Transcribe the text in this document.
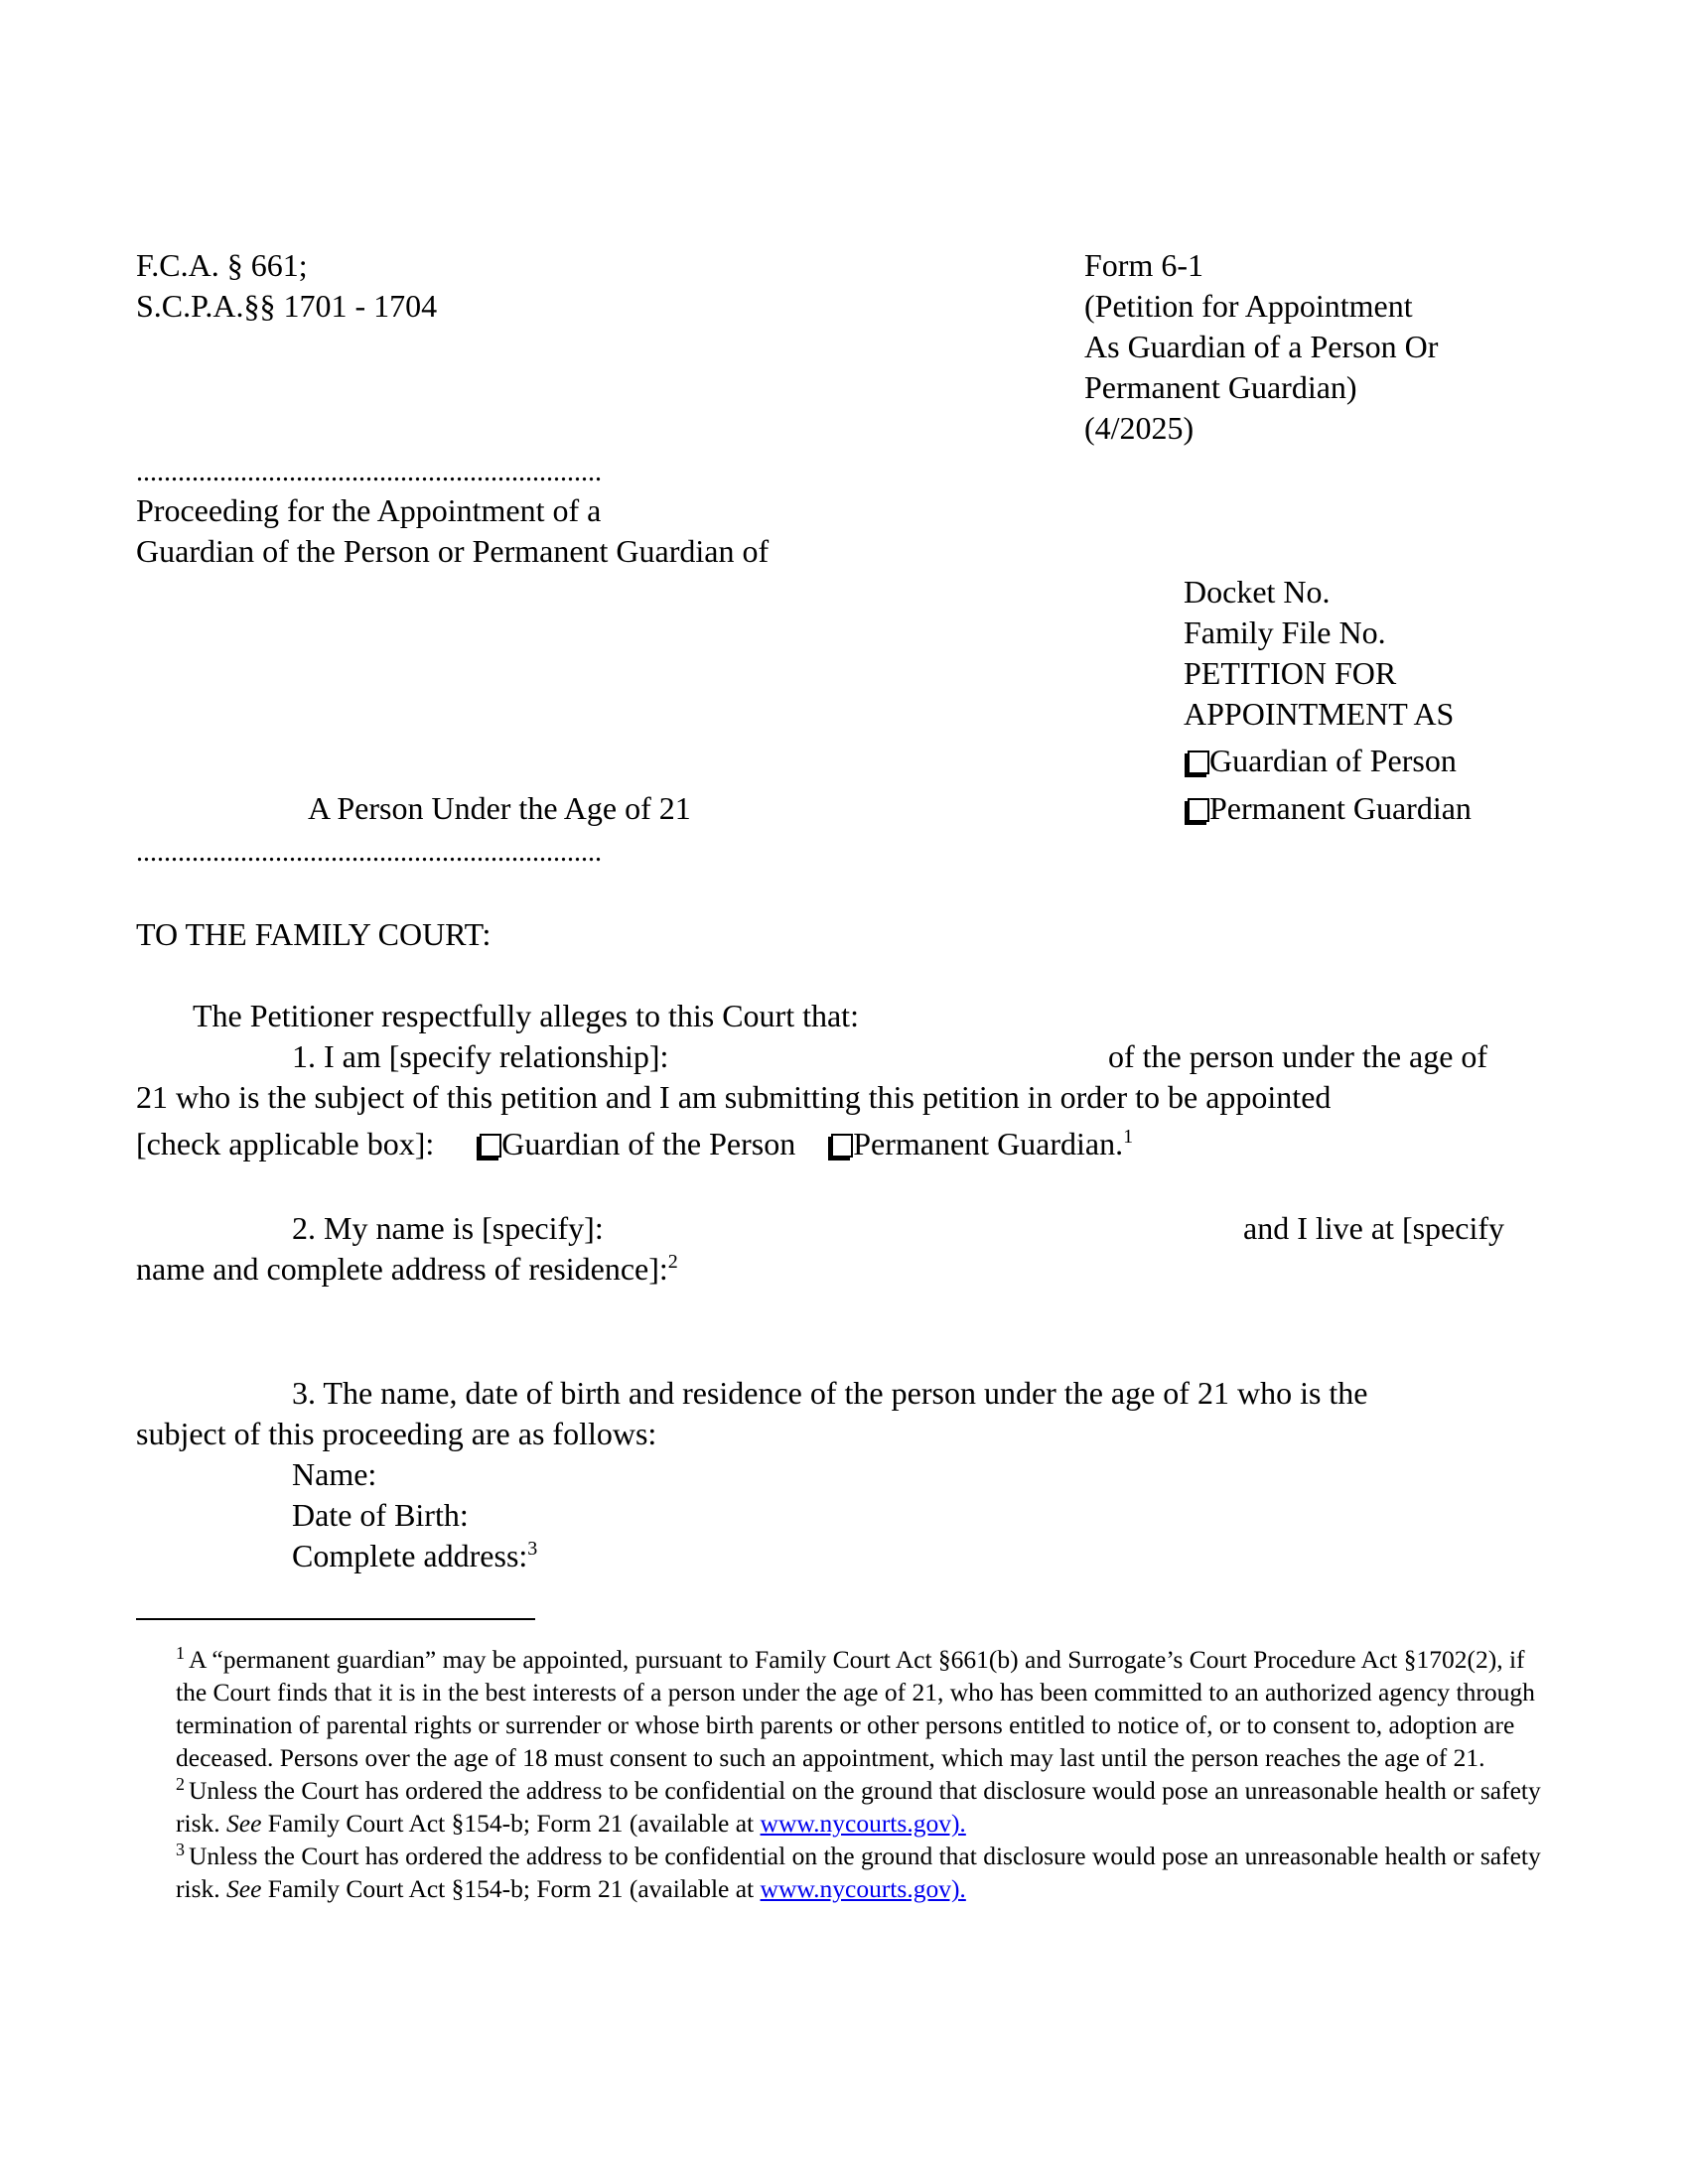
F.C.A. § 661;
S.C.P.A.§§ 1701 - 1704
Form 6-1
(Petition for Appointment
As Guardian of a Person Or
Permanent Guardian)
(4/2025)
...................................................................
Proceeding for the Appointment of a
Guardian of the Person or Permanent Guardian of
Docket No.
Family File No.
PETITION FOR
APPOINTMENT AS
Guardian of Person
Permanent Guardian
A Person Under the Age of 21
...................................................................
TO THE FAMILY COURT:
The Petitioner respectfully alleges to this Court that:
1. I am [specify relationship]:	of the person under the age of
21 who is the subject of this petition and I am submitting this petition in order to be appointed
[check applicable box]: Guardian of the Person Permanent Guardian.$^1$
2. My name is [specify]:	and I live at [specify
name and complete address of residence]:$^2$
3. The name, date of birth and residence of the person under the age of 21 who is the
subject of this proceeding are as follows:
Name:
Date of Birth:
Complete address:$^3$

$^1$ A “permanent guardian” may be appointed, pursuant to Family Court Act §661(b) and Surrogate’s Court Procedure Act §1702(2), if the Court finds that it is in the best interests of a person under the age of 21, who has been committed to an authorized agency through termination of parental rights or surrender or whose birth parents or other persons entitled to notice of, or to consent to, adoption are deceased. Persons over the age of 18 must consent to such an appointment, which may last until the person reaches the age of 21.

$^2$ Unless the Court has ordered the address to be confidential on the ground that disclosure would pose an unreasonable health or safety risk. See Family Court Act §154-b; Form 21 (available at www.nycourts.gov).

$^3$ Unless the Court has ordered the address to be confidential on the ground that disclosure would pose an unreasonable health or safety risk. See Family Court Act §154-b; Form 21 (available at www.nycourts.gov).
